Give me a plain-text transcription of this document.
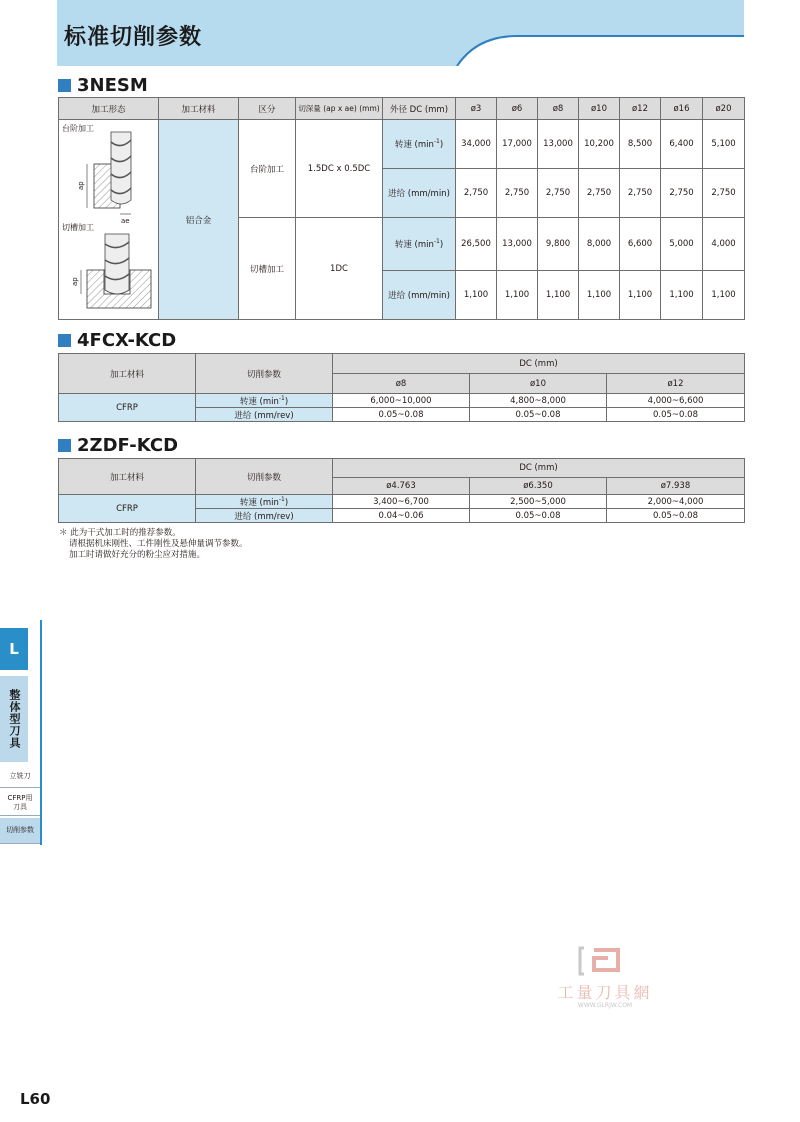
标准切削参数
3NESM
加工形态	加工材料	区分	切深量 (ap x ae) (mm)	外径 DC (mm)	ø3	ø6	ø8	ø10	ø12	ø16	ø20

台阶加工
ap
ae
切槽加工
ap	铝合金	台阶加工	1.5DC x 0.5DC	转速 $(\min^{-1})$	34,000	17,000	13,000	10,200	8,500	6,400	5,100
				进给 (mm/min)	2,750	2,750	2,750	2,750	2,750	2,750	2,750
		切槽加工	1DC	转速 $(\min^{-1})$	26,500	13,000	9,800	8,000	6,600	5,000	4,000
				进给 (mm/min)	1,100	1,100	1,100	1,100	1,100	1,100	1,100
4FCX-KCD
加工材料	切削参数	DC (mm)		
		ø8	ø10	ø12
CFRP	转速 $(\min^{-1})$	6,000~10,000	4,800~8,000	4,000~6,600
	进给 (mm/rev)	0.05~0.08	0.05~0.08	0.05~0.08
2ZDF-KCD
加工材料	切削参数	DC (mm)		
		ø4.763	ø6.350	ø7.938
CFRP	转速 $(\min^{-1})$	3,400~6,700	2,500~5,000	2,000~4,000
	进给 (mm/rev)	0.04~0.06	0.05~0.08	0.05~0.08
＊ 此为干式加工时的推荐参数。
请根据机床刚性、工件刚性及悬伸量调节参数。
加工时请做好充分的粉尘应对措施。
L
整体型刀具
立铣刀
CFRP用
刀具
切削参数
工量刀具網
WWW.GLRJW.COM
L60
